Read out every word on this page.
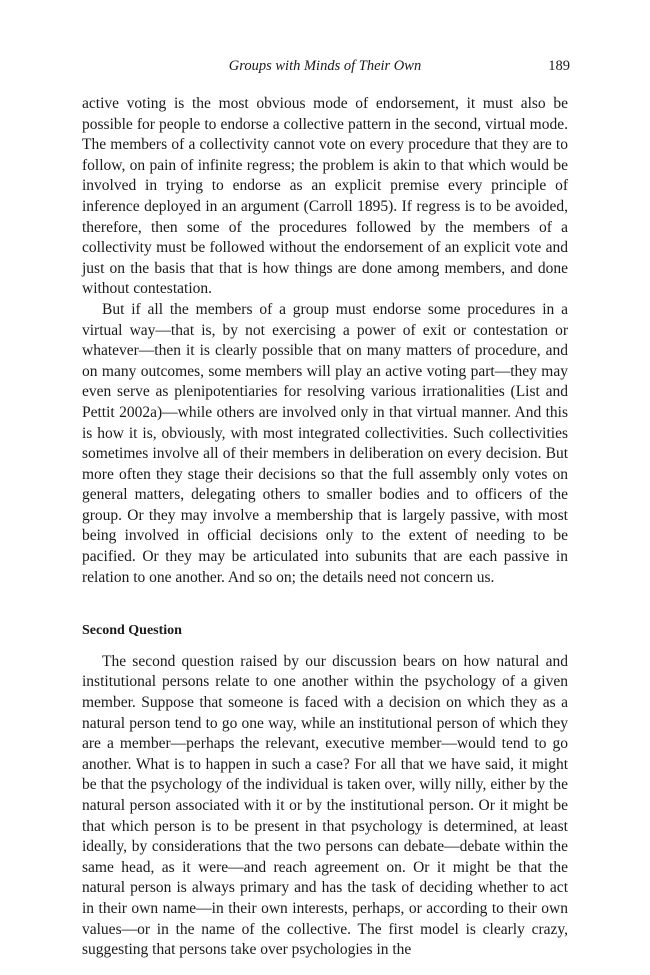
Groups with Minds of Their Own	189

active voting is the most obvious mode of endorsement, it must also be possible for people to endorse a collective pattern in the second, virtual mode. The members of a collectivity cannot vote on every procedure that they are to follow, on pain of infinite regress; the problem is akin to that which would be involved in trying to endorse as an explicit premise every principle of inference deployed in an argument (Carroll 1895). If regress is to be avoided, therefore, then some of the procedures followed by the members of a collectivity must be followed without the endorsement of an explicit vote and just on the basis that that is how things are done among members, and done without contestation.

But if all the members of a group must endorse some procedures in a virtual way—that is, by not exercising a power of exit or contestation or whatever—then it is clearly possible that on many matters of procedure, and on many outcomes, some members will play an active voting part—they may even serve as plenipotentiaries for resolving various irrationalities (List and Pettit 2002a)—while others are involved only in that virtual manner. And this is how it is, obviously, with most integrated collectivities. Such collectivities sometimes involve all of their members in deliberation on every decision. But more often they stage their decisions so that the full assembly only votes on general matters, delegating others to smaller bodies and to officers of the group. Or they may involve a membership that is largely passive, with most being involved in official decisions only to the extent of needing to be pacified. Or they may be articulated into subunits that are each passive in relation to one another. And so on; the details need not concern us.

Second Question

The second question raised by our discussion bears on how natural and institutional persons relate to one another within the psychology of a given member. Suppose that someone is faced with a decision on which they as a natural person tend to go one way, while an institutional person of which they are a member—perhaps the relevant, executive member—would tend to go another. What is to happen in such a case? For all that we have said, it might be that the psychology of the individual is taken over, willy nilly, either by the natural person associated with it or by the institutional person. Or it might be that which person is to be present in that psychology is determined, at least ideally, by considerations that the two persons can debate—debate within the same head, as it were—and reach agreement on. Or it might be that the natural person is always primary and has the task of deciding whether to act in their own name—in their own interests, perhaps, or according to their own values—or in the name of the collective. The first model is clearly crazy, suggesting that persons take over psychologies in the
